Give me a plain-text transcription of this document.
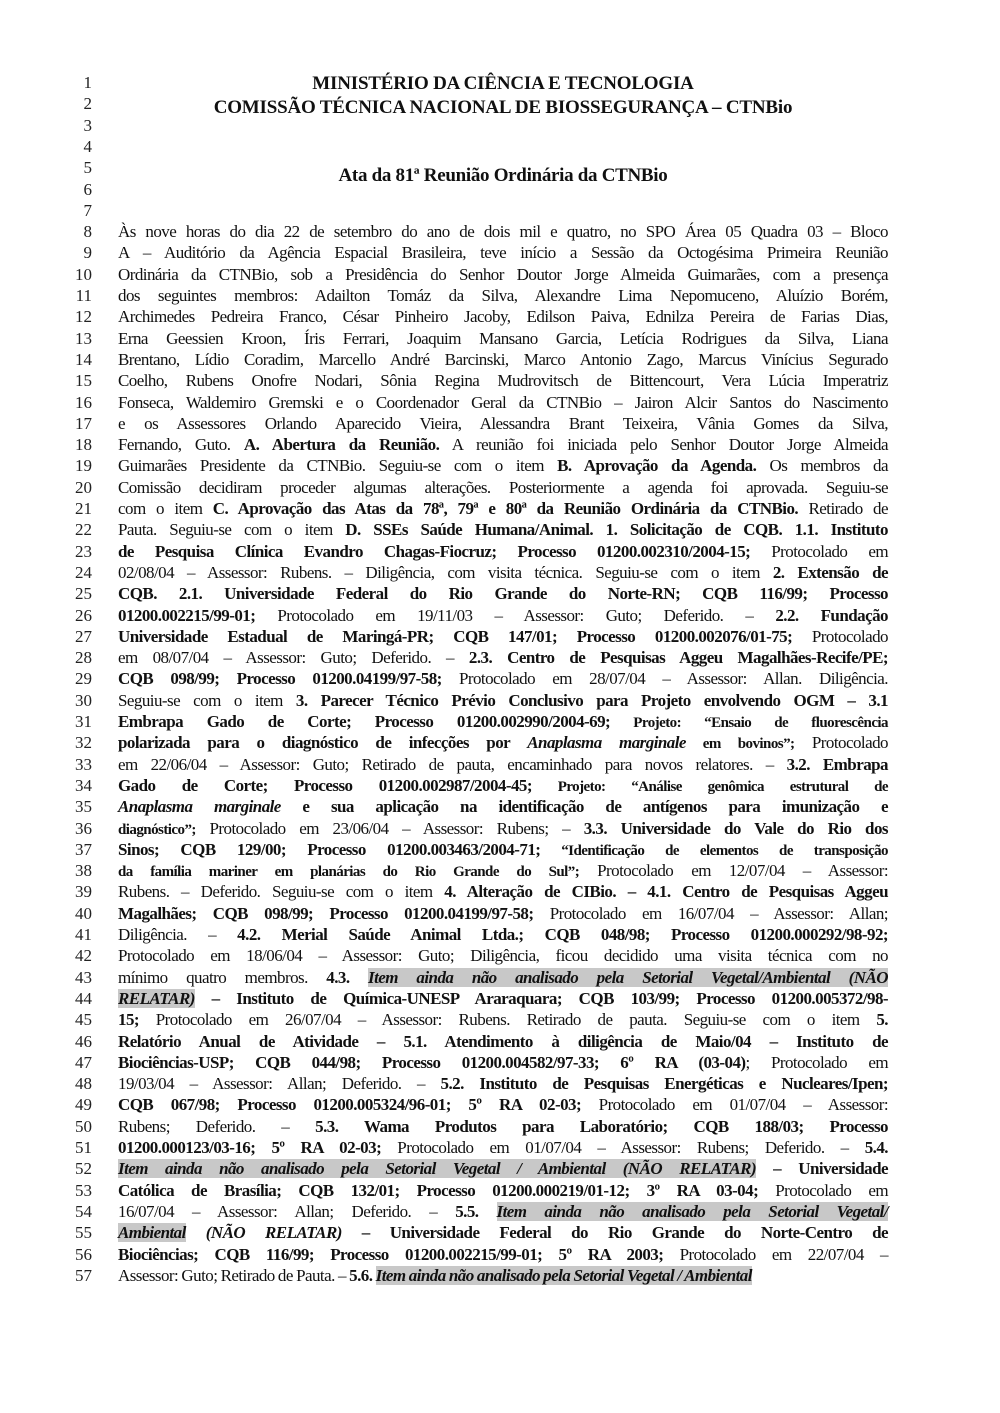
1
2
3
4
5
6
7
8
9
10
11
12
13
14
15
16
17
18
19
20
21
22
23
24
25
26
27
28
29
30
31
32
33
34
35
36
37
38
39
40
41
42
43
44
45
46
47
48
49
50
51
52
53
54
55
56
57
MINISTÉRIO DA CIÊNCIA E TECNOLOGIA
COMISSÃO TÉCNICA NACIONAL DE BIOSSEGURANÇA – CTNBio
Ata da 81ª Reunião Ordinária da CTNBio
Às nove horas do dia 22 de setembro do ano de dois mil e quatro, no SPO Área 05 Quadra 03 – Bloco
A – Auditório da Agência Espacial Brasileira, teve início a Sessão da Octogésima Primeira Reunião
Ordinária da CTNBio, sob a Presidência do Senhor Doutor Jorge Almeida Guimarães, com a presença
dos seguintes membros: Adailton Tomáz da Silva, Alexandre Lima Nepomuceno, Aluízio Borém,
Archimedes Pedreira Franco, César Pinheiro Jacoby, Edilson Paiva, Ednilza Pereira de Farias Dias,
Erna Geessien Kroon, Íris Ferrari, Joaquim Mansano Garcia, Letícia Rodrigues da Silva, Liana
Brentano, Lídio Coradim, Marcello André Barcinski, Marco Antonio Zago, Marcus Vinícius Segurado
Coelho, Rubens Onofre Nodari, Sônia Regina Mudrovitsch de Bittencourt, Vera Lúcia Imperatriz
Fonseca, Waldemiro Gremski e o Coordenador Geral da CTNBio – Jairon Alcir Santos do Nascimento
e os Assessores Orlando Aparecido Vieira, Alessandra Brant Teixeira, Vânia Gomes da Silva,
Fernando, Guto. A. Abertura da Reunião. A reunião foi iniciada pelo Senhor Doutor Jorge Almeida
Guimarães Presidente da CTNBio. Seguiu-se com o item B. Aprovação da Agenda. Os membros da
Comissão decidiram proceder algumas alterações. Posteriormente a agenda foi aprovada. Seguiu-se
com o item C. Aprovação das Atas da 78ª, 79ª e 80ª da Reunião Ordinária da CTNBio. Retirado de
Pauta. Seguiu-se com o item D. SSEs Saúde Humana/Animal. 1. Solicitação de CQB. 1.1. Instituto
de Pesquisa Clínica Evandro Chagas-Fiocruz; Processo 01200.002310/2004-15; Protocolado em
02/08/04 – Assessor: Rubens. – Diligência, com visita técnica. Seguiu-se com o item 2. Extensão de
CQB. 2.1. Universidade Federal do Rio Grande do Norte-RN; CQB 116/99; Processo
01200.002215/99-01; Protocolado em 19/11/03 – Assessor: Guto; Deferido. – 2.2. Fundação
Universidade Estadual de Maringá-PR; CQB 147/01; Processo 01200.002076/01-75; Protocolado
em 08/07/04 – Assessor: Guto; Deferido. – 2.3. Centro de Pesquisas Aggeu Magalhães-Recife/PE;
CQB 098/99; Processo 01200.04199/97-58; Protocolado em 28/07/04 – Assessor: Allan. Diligência.
Seguiu-se com o item 3. Parecer Técnico Prévio Conclusivo para Projeto envolvendo OGM – 3.1
Embrapa Gado de Corte; Processo 01200.002990/2004-69; Projeto: “Ensaio de fluorescência
polarizada para o diagnóstico de infecções por Anaplasma marginale em bovinos”; Protocolado
em 22/06/04 – Assessor: Guto; Retirado de pauta, encaminhado para novos relatores. – 3.2. Embrapa
Gado de Corte; Processo 01200.002987/2004-45; Projeto: “Análise genômica estrutural de
Anaplasma marginale e sua aplicação na identificação de antígenos para imunização e
diagnóstico”; Protocolado em 23/06/04 – Assessor: Rubens; – 3.3. Universidade do Vale do Rio dos
Sinos; CQB 129/00; Processo 01200.003463/2004-71; “Identificação de elementos de transposição
da família mariner em planárias do Rio Grande do Sul”; Protocolado em 12/07/04 – Assessor:
Rubens. – Deferido. Seguiu-se com o item 4. Alteração de CIBio. – 4.1. Centro de Pesquisas Aggeu
Magalhães; CQB 098/99; Processo 01200.04199/97-58; Protocolado em 16/07/04 – Assessor: Allan;
Diligência. – 4.2. Merial Saúde Animal Ltda.; CQB 048/98; Processo 01200.000292/98-92;
Protocolado em 18/06/04 – Assessor: Guto; Diligência, ficou decidido uma visita técnica com no
mínimo quatro membros. 4.3. Item ainda não analisado pela Setorial Vegetal/Ambiental (NÃO
RELATAR) – Instituto de Química-UNESP Araraquara; CQB 103/99; Processo 01200.005372/98-
15; Protocolado em 26/07/04 – Assessor: Rubens. Retirado de pauta. Seguiu-se com o item 5.
Relatório Anual de Atividade – 5.1. Atendimento à diligência de Maio/04 – Instituto de
Biociências-USP; CQB 044/98; Processo 01200.004582/97-33; 6º RA (03-04); Protocolado em
19/03/04 – Assessor: Allan; Deferido. – 5.2. Instituto de Pesquisas Energéticas e Nucleares/Ipen;
CQB 067/98; Processo 01200.005324/96-01; 5º RA 02-03; Protocolado em 01/07/04 – Assessor:
Rubens; Deferido. – 5.3. Wama Produtos para Laboratório; CQB 188/03; Processo
01200.000123/03-16; 5º RA 02-03; Protocolado em 01/07/04 – Assessor: Rubens; Deferido. – 5.4.
Item ainda não analisado pela Setorial Vegetal / Ambiental (NÃO RELATAR) – Universidade
Católica de Brasília; CQB 132/01; Processo 01200.000219/01-12; 3º RA 03-04; Protocolado em
16/07/04 – Assessor: Allan; Deferido. – 5.5. Item ainda não analisado pela Setorial Vegetal/
Ambiental (NÃO RELATAR) – Universidade Federal do Rio Grande do Norte-Centro de
Biociências; CQB 116/99; Processo 01200.002215/99-01; 5º RA 2003; Protocolado em 22/07/04 –
Assessor: Guto; Retirado de Pauta. – 5.6. Item ainda não analisado pela Setorial Vegetal / Ambiental
